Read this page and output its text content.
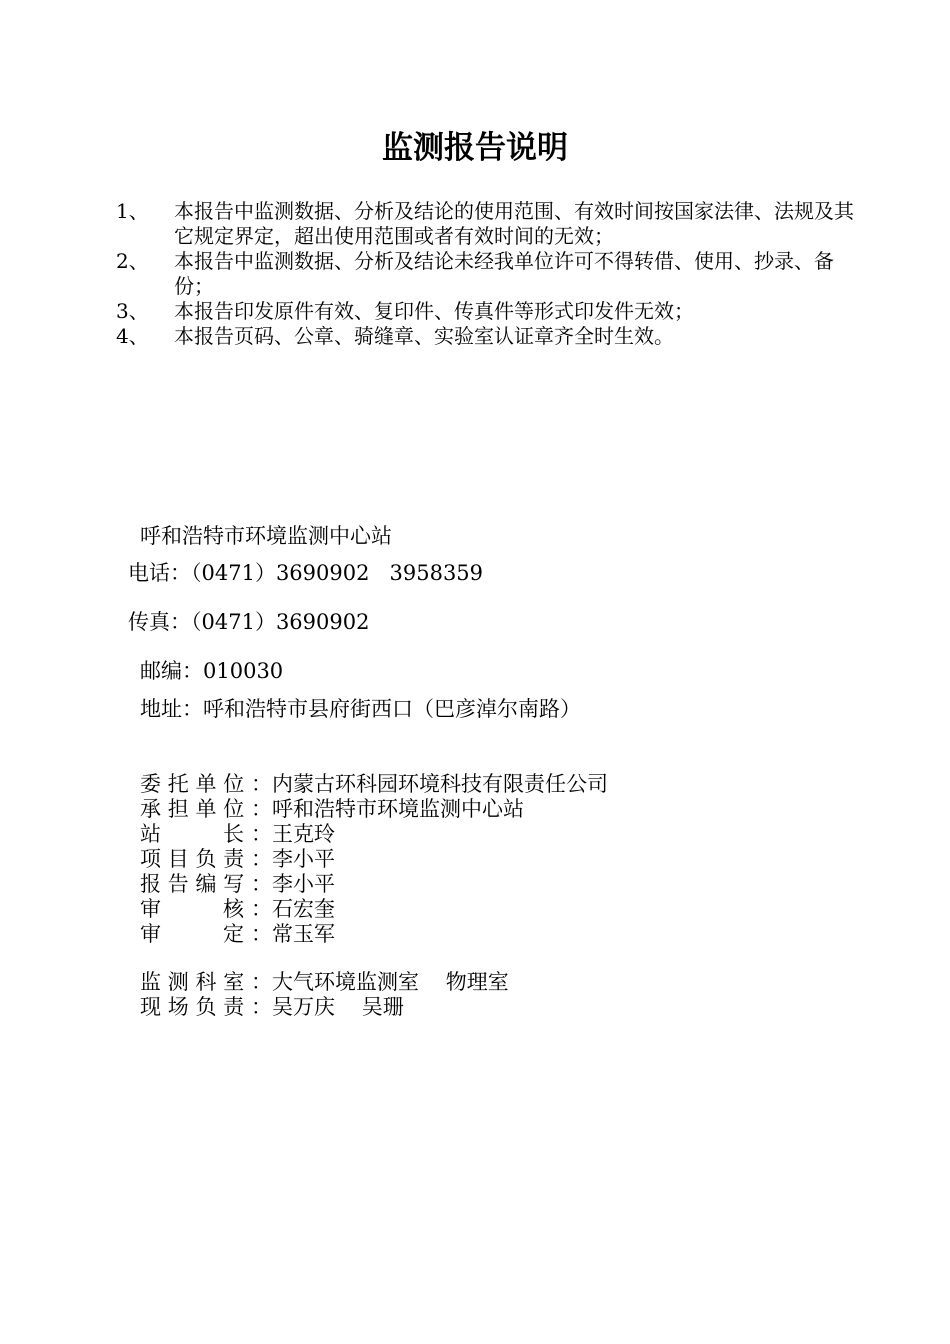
监测报告说明
1、 本报告中监测数据、分析及结论的使用范围、有效时间按国家法律、法规及其它规定界定，超出使用范围或者有效时间的无效；
2、 本报告中监测数据、分析及结论未经我单位许可不得转借、使用、抄录、备份；
3、 本报告印发原件有效、复印件、传真件等形式印发件无效；
4、 本报告页码、公章、骑缝章、实验室认证章齐全时生效。
呼和浩特市环境监测中心站
电话：（0471）3690902   3958359
传真：（0471）3690902
邮编：010030
地址：呼和浩特市县府街西口（巴彦淖尔南路）
委托单位：内蒙古环科园环境科技有限责任公司
承担单位：呼和浩特市环境监测中心站
站    长：王克玲
项目负责：李小平
报告编写：李小平
审    核：石宏奎
审    定：常玉军
监测科室：大气环境监测室    物理室
现场负责：吴万庆    吴珊
